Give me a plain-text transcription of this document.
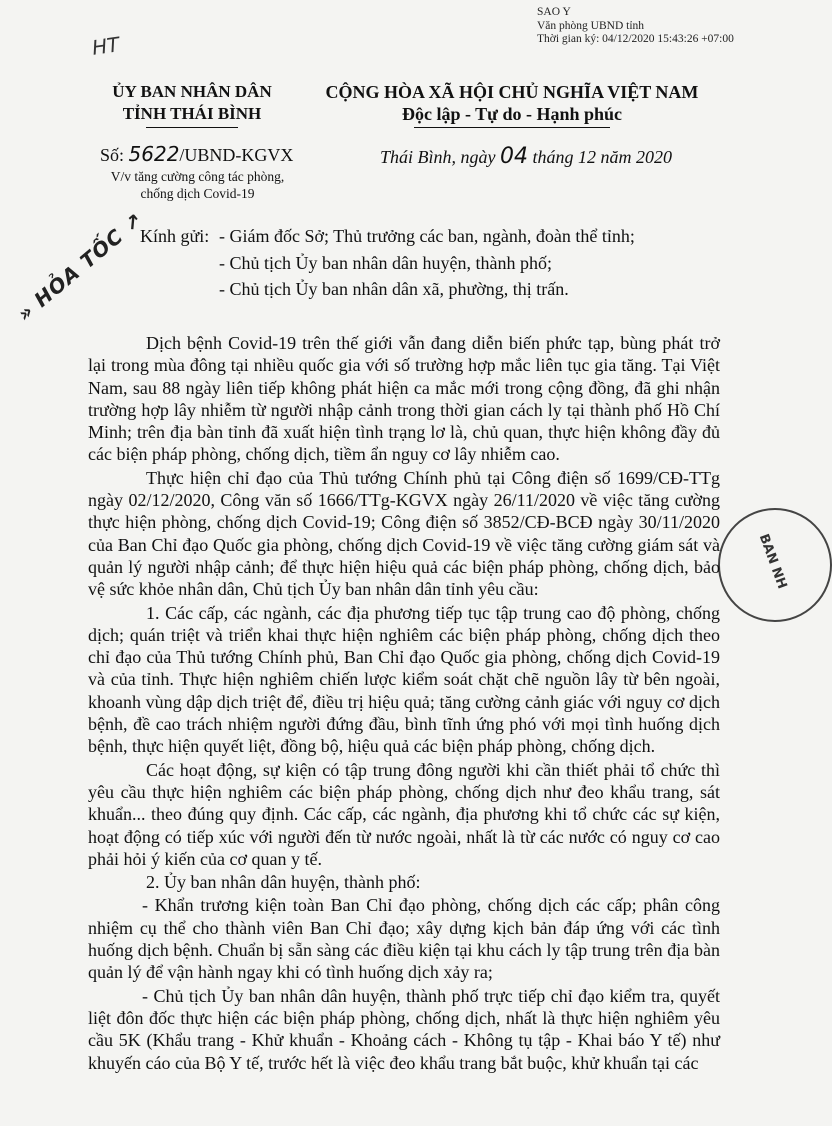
SAO Y
Văn phòng UBND tỉnh
Thời gian ký: 04/12/2020 15:43:26 +07:00
HT
ỦY BAN NHÂN DÂN
TỈNH THÁI BÌNH
CỘNG HÒA XÃ HỘI CHỦ NGHĨA VIỆT NAM
Độc lập - Tự do - Hạnh phúc
Số: 5622/UBND-KGVX
V/v tăng cường công tác phòng, chống dịch Covid-19
Thái Bình, ngày 04 tháng 12 năm 2020
Kính gửi: - Giám đốc Sở; Thủ trưởng các ban, ngành, đoàn thể tỉnh;
- Chủ tịch Ủy ban nhân dân huyện, thành phố;
- Chủ tịch Ủy ban nhân dân xã, phường, thị trấn.
» HỎA TỐC ↗
BAN NH

Dịch bệnh Covid-19 trên thế giới vẫn đang diễn biến phức tạp, bùng phát trở lại trong mùa đông tại nhiều quốc gia với số trường hợp mắc liên tục gia tăng. Tại Việt Nam, sau 88 ngày liên tiếp không phát hiện ca mắc mới trong cộng đồng, đã ghi nhận trường hợp lây nhiễm từ người nhập cảnh trong thời gian cách ly tại thành phố Hồ Chí Minh; trên địa bàn tỉnh đã xuất hiện tình trạng lơ là, chủ quan, thực hiện không đầy đủ các biện pháp phòng, chống dịch, tiềm ẩn nguy cơ lây nhiễm cao.

Thực hiện chỉ đạo của Thủ tướng Chính phủ tại Công điện số 1699/CĐ-TTg ngày 02/12/2020, Công văn số 1666/TTg-KGVX ngày 26/11/2020 về việc tăng cường thực hiện phòng, chống dịch Covid-19; Công điện số 3852/CĐ-BCĐ ngày 30/11/2020 của Ban Chỉ đạo Quốc gia phòng, chống dịch Covid-19 về việc tăng cường giám sát và quản lý người nhập cảnh; để thực hiện hiệu quả các biện pháp phòng, chống dịch, bảo vệ sức khỏe nhân dân, Chủ tịch Ủy ban nhân dân tỉnh yêu cầu:

1. Các cấp, các ngành, các địa phương tiếp tục tập trung cao độ phòng, chống dịch; quán triệt và triển khai thực hiện nghiêm các biện pháp phòng, chống dịch theo chỉ đạo của Thủ tướng Chính phủ, Ban Chỉ đạo Quốc gia phòng, chống dịch Covid-19 và của tỉnh. Thực hiện nghiêm chiến lược kiểm soát chặt chẽ nguồn lây từ bên ngoài, khoanh vùng dập dịch triệt để, điều trị hiệu quả; tăng cường cảnh giác với nguy cơ dịch bệnh, đề cao trách nhiệm người đứng đầu, bình tĩnh ứng phó với mọi tình huống dịch bệnh, thực hiện quyết liệt, đồng bộ, hiệu quả các biện pháp phòng, chống dịch.

Các hoạt động, sự kiện có tập trung đông người khi cần thiết phải tổ chức thì yêu cầu thực hiện nghiêm các biện pháp phòng, chống dịch như đeo khẩu trang, sát khuẩn... theo đúng quy định. Các cấp, các ngành, địa phương khi tổ chức các sự kiện, hoạt động có tiếp xúc với người đến từ nước ngoài, nhất là từ các nước có nguy cơ cao phải hỏi ý kiến của cơ quan y tế.

2. Ủy ban nhân dân huyện, thành phố:

- Khẩn trương kiện toàn Ban Chỉ đạo phòng, chống dịch các cấp; phân công nhiệm cụ thể cho thành viên Ban Chỉ đạo; xây dựng kịch bản đáp ứng với các tình huống dịch bệnh. Chuẩn bị sẵn sàng các điều kiện tại khu cách ly tập trung trên địa bàn quản lý để vận hành ngay khi có tình huống dịch xảy ra;

- Chủ tịch Ủy ban nhân dân huyện, thành phố trực tiếp chỉ đạo kiểm tra, quyết liệt đôn đốc thực hiện các biện pháp phòng, chống dịch, nhất là thực hiện nghiêm yêu cầu 5K (Khẩu trang - Khử khuẩn - Khoảng cách - Không tụ tập - Khai báo Y tế) như khuyến cáo của Bộ Y tế, trước hết là việc đeo khẩu trang bắt buộc, khử khuẩn tại các
